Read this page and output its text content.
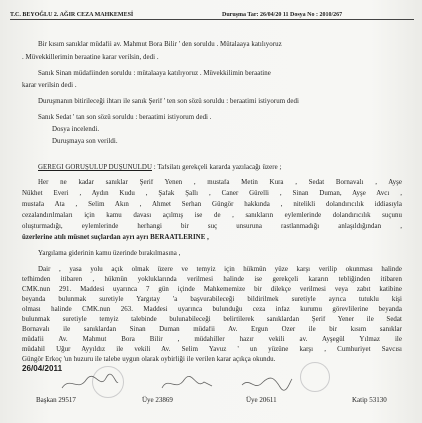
T.C. BEYOĞLU 2. AĞIR CEZA MAHKEMESİ	Duruşma Tar: 26/04/20 11 Dosya No : 2010/267
Bir kısım sanıklar müdafii av. Mahmut Bora Bilir ' den soruldu . Mütalaaya katılıyoruz
. Müvekkillerimin beraatine karar verilsin, dedi .
Sanık Sinan müdafiinden soruldu : mütalaaya katılıyoruz . Müvekkilimin beraatine
karar verilsin dedi .
Duruşmanın bitirileceği ihtarı ile sanık Şerif ' ten son sözü soruldu : beraatimi istiyorum dedi
Sanık Sedat ' tan son sözü soruldu : beraatimi istiyorum dedi .
Dosya incelendi.
Duruşmaya son verildi.
GEREĞİ GÖRÜŞÜLÜP DÜŞÜNÜLDÜ : Tafsilatı gerekçeli kararda yazılacağı üzere ;
Her ne kadar sanıklar Şerif Yenen , mustafa Metin Kura , Sedat Bornavalı , Ayşe
Nükhet Everi , Aydın Kudu , Şafak Şallı , Caner Gürelli , Sinan Duman, Ayşe Avcı ,
mustafa Ata , Selim Akın , Ahmet Serhan Güngör hakkında , nitelikli dolandırıcılık iddiasıyla
cezalandırılmaları için kamu davası açılmış ise de , sanıkların eylemlerinde dolandırıcılık suçunu
oluşturmadığı, eylemlerinde herhangi bir suç unsuruna rastlanmadığı anlaşıldığından ,
üzerlerine atılı müsnet suçlardan ayrı ayrı BERAATLERİNE ,
Yargılama giderinin kamu üzerinde bırakılmasına ,
Dair , yasa yolu açık olmak üzere ve temyiz için hükmün yüze karşı verilip okunması halinde
tefhimden itibaren , hükmün yokluklarında verilmesi halinde ise gerekçeli kararın tebliğinden itibaren
CMK.nun 291. Maddesi uyarınca 7 gün içinde Mahkememize bir dilekçe verilmesi veya zabıt katibine
beyanda bulunmak suretiyle Yargıtay 'a başvurabileceği bildirilmek suretiyle ayrıca tutuklu kişi
olması halinde CMK.nun 263. Maddesi uyarınca bulunduğu ceza infaz kurumu görevlilerine beyanda
bulunmak suretiyle temyiz talebinde bulunabileceği belirtilerek sanıklardan Şerif Yener ile Sedat
Bornavalı ile sanıklardan Sinan Duman müdafii Av. Ergun Özer ile bir kısım sanıklar
müdafii Av. Mahmut Bora Bilir , müdahiller hazır vekili av. Ayşegül Yılmaz ile
müdahil Uğur Ayyıldız ile vekili Av. Selim Yavuz ' un yüzüne karşı , Cumhuriyet Savcısı
Güngör Erkoç 'un huzuru ile talebe uygun olarak oybirliği ile verilen karar açıkça okundu.
26/04/2011
Başkan 29517	Üye 23869	Üye 20611	Katip 53130
